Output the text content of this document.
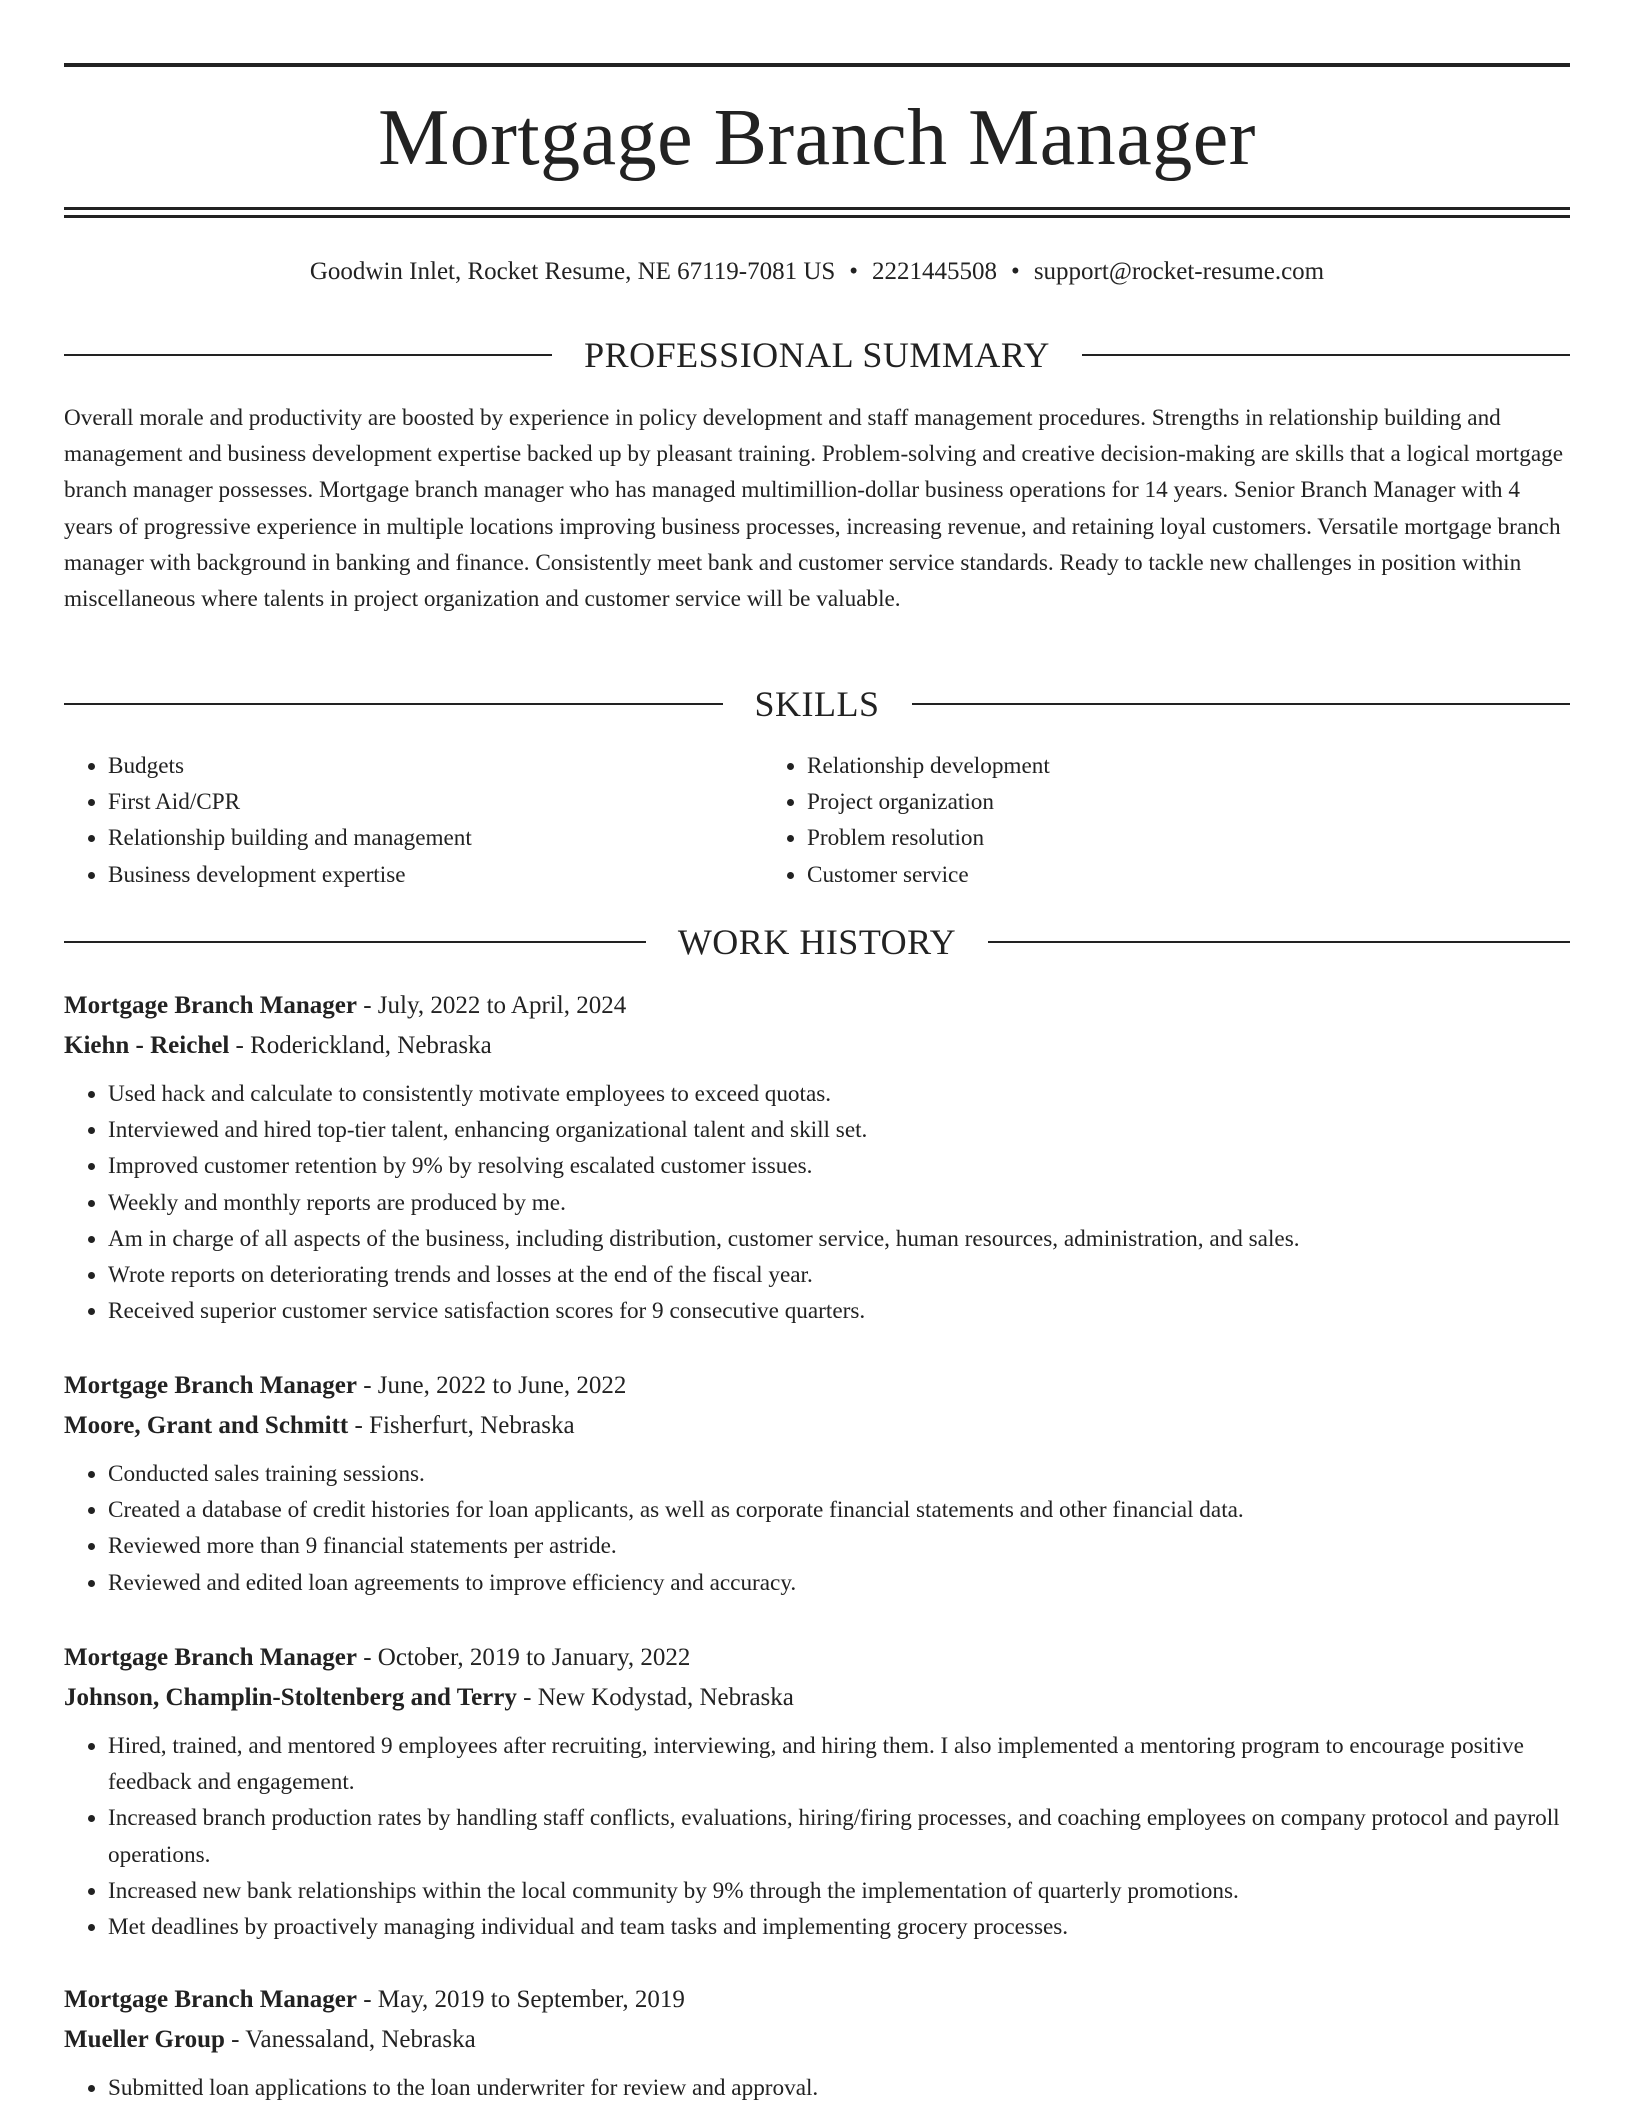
Mortgage Branch Manager
Goodwin Inlet, Rocket Resume, NE 67119-7081 US • 2221445508 • support@rocket-resume.com
PROFESSIONAL SUMMARY

Overall morale and productivity are boosted by experience in policy development and staff management procedures. Strengths in relationship building and management and business development expertise backed up by pleasant training. Problem-solving and creative decision-making are skills that a logical mortgage branch manager possesses. Mortgage branch manager who has managed multimillion-dollar business operations for 14 years. Senior Branch Manager with 4 years of progressive experience in multiple locations improving business processes, increasing revenue, and retaining loyal customers. Versatile mortgage branch manager with background in banking and finance. Consistently meet bank and customer service standards. Ready to tackle new challenges in position within miscellaneous where talents in project organization and customer service will be valuable.

SKILLS
• Budgets
• First Aid/CPR
• Relationship building and management
• Business development expertise
• Relationship development
• Project organization
• Problem resolution
• Customer service
WORK HISTORY
Mortgage Branch Manager - July, 2022 to April, 2024
Kiehn - Reichel - Roderickland, Nebraska
• Used hack and calculate to consistently motivate employees to exceed quotas.
• Interviewed and hired top-tier talent, enhancing organizational talent and skill set.
• Improved customer retention by 9% by resolving escalated customer issues.
• Weekly and monthly reports are produced by me.
• Am in charge of all aspects of the business, including distribution, customer service, human resources, administration, and sales.
• Wrote reports on deteriorating trends and losses at the end of the fiscal year.
• Received superior customer service satisfaction scores for 9 consecutive quarters.
Mortgage Branch Manager - June, 2022 to June, 2022
Moore, Grant and Schmitt - Fisherfurt, Nebraska
• Conducted sales training sessions.
• Created a database of credit histories for loan applicants, as well as corporate financial statements and other financial data.
• Reviewed more than 9 financial statements per astride.
• Reviewed and edited loan agreements to improve efficiency and accuracy.
Mortgage Branch Manager - October, 2019 to January, 2022
Johnson, Champlin-Stoltenberg and Terry - New Kodystad, Nebraska
• Hired, trained, and mentored 9 employees after recruiting, interviewing, and hiring them. I also implemented a mentoring program to encourage positive feedback and engagement.
• Increased branch production rates by handling staff conflicts, evaluations, hiring/firing processes, and coaching employees on company protocol and payroll operations.
• Increased new bank relationships within the local community by 9% through the implementation of quarterly promotions.
• Met deadlines by proactively managing individual and team tasks and implementing grocery processes.
Mortgage Branch Manager - May, 2019 to September, 2019
Mueller Group - Vanessaland, Nebraska
• Submitted loan applications to the loan underwriter for review and approval.
